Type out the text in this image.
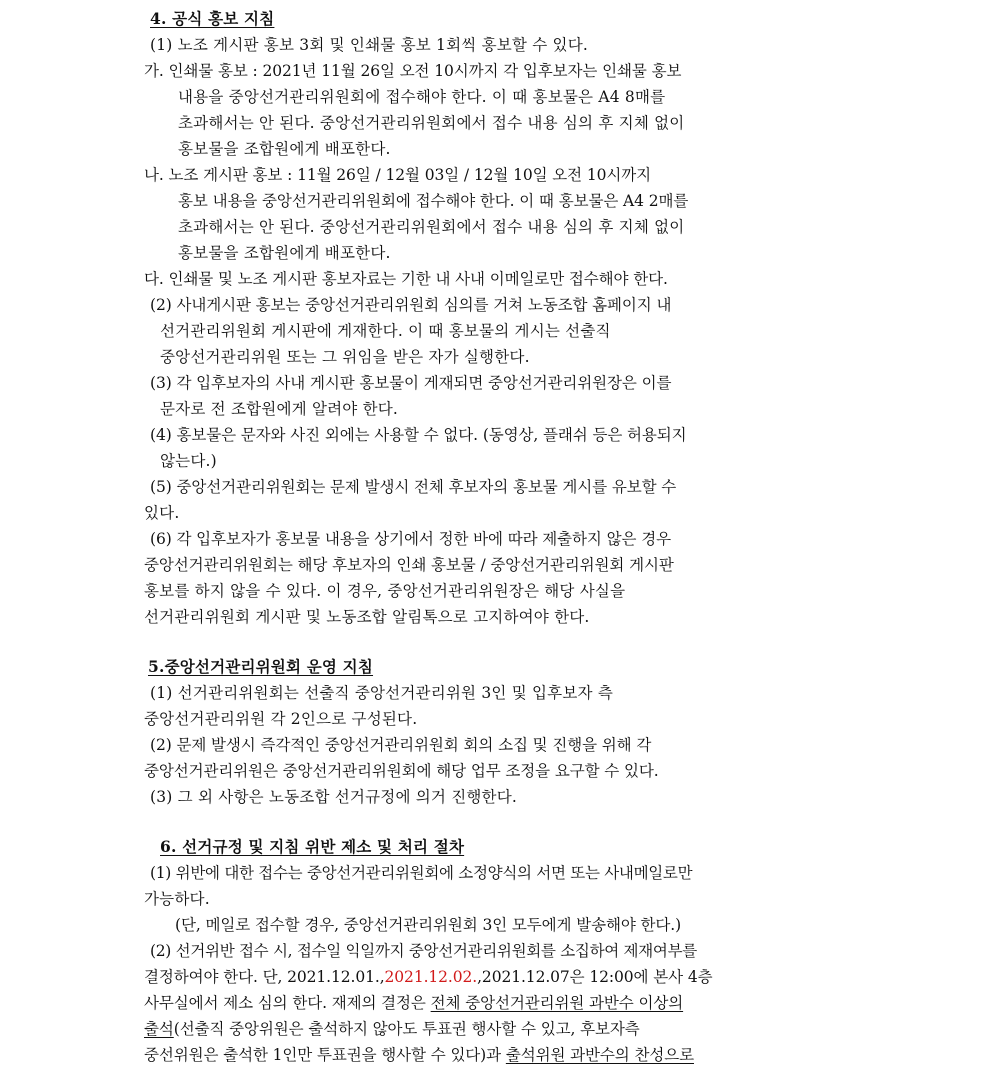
4. 공식 홍보 지침

(1) 노조 게시판 홍보 3회 및 인쇄물 홍보 1회씩 홍보할 수 있다.

가. 인쇄물 홍보 : 2021년 11월 26일 오전 10시까지 각 입후보자는 인쇄물 홍보

내용을 중앙선거관리위원회에 접수해야 한다. 이 때 홍보물은 A4 8매를

초과해서는 안 된다. 중앙선거관리위원회에서 접수 내용 심의 후 지체 없이

홍보물을 조합원에게 배포한다.

나. 노조 게시판 홍보 : 11월 26일 / 12월 03일 / 12월 10일 오전 10시까지

홍보 내용을 중앙선거관리위원회에 접수해야 한다. 이 때 홍보물은 A4 2매를

초과해서는 안 된다. 중앙선거관리위원회에서 접수 내용 심의 후 지체 없이

홍보물을 조합원에게 배포한다.

다. 인쇄물 및 노조 게시판 홍보자료는 기한 내 사내 이메일로만 접수해야 한다.

(2) 사내게시판 홍보는 중앙선거관리위원회 심의를 거쳐 노동조합 홈페이지 내

선거관리위원회 게시판에 게재한다. 이 때 홍보물의 게시는 선출직

중앙선거관리위원 또는 그 위임을 받은 자가 실행한다.

(3) 각 입후보자의 사내 게시판 홍보물이 게재되면 중앙선거관리위원장은 이를

문자로 전 조합원에게 알려야 한다.

(4) 홍보물은 문자와 사진 외에는 사용할 수 없다. (동영상, 플래쉬 등은 허용되지

않는다.)

(5) 중앙선거관리위원회는 문제 발생시 전체 후보자의 홍보물 게시를 유보할 수

있다.

(6) 각 입후보자가 홍보물 내용을 상기에서 정한 바에 따라 제출하지 않은 경우

중앙선거관리위원회는 해당 후보자의 인쇄 홍보물 / 중앙선거관리위원회 게시판

홍보를 하지 않을 수 있다. 이 경우, 중앙선거관리위원장은 해당 사실을

선거관리위원회 게시판 및 노동조합 알림톡으로 고지하여야 한다.

5.중앙선거관리위원회 운영 지침

(1) 선거관리위원회는 선출직 중앙선거관리위원 3인 및 입후보자 측

중앙선거관리위원 각 2인으로 구성된다.

(2) 문제 발생시 즉각적인 중앙선거관리위원회 회의 소집 및 진행을 위해 각

중앙선거관리위원은 중앙선거관리위원회에 해당 업무 조정을 요구할 수 있다.

(3) 그 외 사항은 노동조합 선거규정에 의거 진행한다.

6. 선거규정 및 지침 위반 제소 및 처리 절차

(1) 위반에 대한 접수는 중앙선거관리위원회에 소정양식의 서면 또는 사내메일로만

가능하다.

(단, 메일로 접수할 경우, 중앙선거관리위원회 3인 모두에게 발송해야 한다.)

(2) 선거위반 접수 시, 접수일 익일까지 중앙선거관리위원회를 소집하여 제재여부를

결정하여야 한다. 단, 2021.12.01.,2021.12.02.,2021.12.07은 12:00에 본사 4층

사무실에서 제소 심의 한다. 재제의 결정은 전체 중앙선거관리위원 과반수 이상의

출석(선출직 중앙위원은 출석하지 않아도 투표권 행사할 수 있고, 후보자측

중선위원은 출석한 1인만 투표권을 행사할 수 있다)과 출석위원 과반수의 찬성으로
